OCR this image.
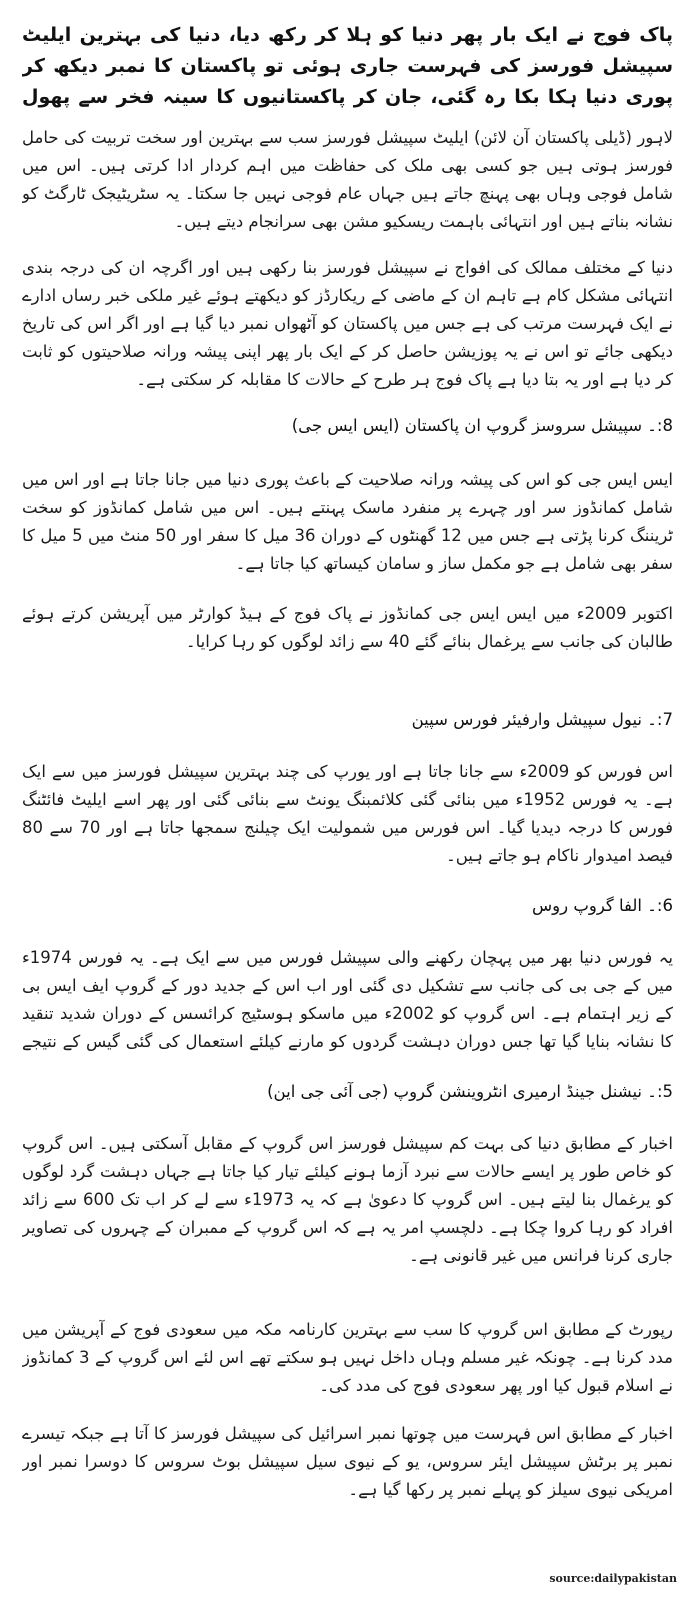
پاک فوج نے ایک بار پھر دنیا کو ہلا کر رکھ دیا، دنیا کی بہترین ایلیٹ سپیشل فورسز کی فہرست جاری ہوئی تو پاکستان کا نمبر دیکھ کر پوری دنیا ہکا بکا رہ گئی، جان کر پاکستانیوں کا سینہ فخر سے پھول

لاہور (ڈیلی پاکستان آن لائن) ایلیٹ سپیشل فورسز سب سے بہترین اور سخت تربیت کی حامل فورسز ہوتی ہیں جو کسی بھی ملک کی حفاظت میں اہم کردار ادا کرتی ہیں۔ اس میں شامل فوجی وہاں بھی پہنچ جاتے ہیں جہاں عام فوجی نہیں جا سکتا۔ یہ سٹریٹیجک ٹارگٹ کو نشانہ بناتے ہیں اور انتہائی باہمت ریسکیو مشن بھی سرانجام دیتے ہیں۔

دنیا کے مختلف ممالک کی افواج نے سپیشل فورسز بنا رکھی ہیں اور اگرچہ ان کی درجہ بندی انتہائی مشکل کام ہے تاہم ان کے ماضی کے ریکارڈز کو دیکھتے ہوئے غیر ملکی خبر رساں ادارے نے ایک فہرست مرتب کی ہے جس میں پاکستان کو آٹھواں نمبر دیا گیا ہے اور اگر اس کی تاریخ دیکھی جائے تو اس نے یہ پوزیشن حاصل کر کے ایک بار پھر اپنی پیشہ ورانہ صلاحیتوں کو ثابت کر دیا ہے اور یہ بتا دیا ہے پاک فوج ہر طرح کے حالات کا مقابلہ کر سکتی ہے۔

8:۔ سپیشل سروسز گروپ ان پاکستان (ایس ایس جی)

ایس ایس جی کو اس کی پیشہ ورانہ صلاحیت کے باعث پوری دنیا میں جانا جاتا ہے اور اس میں شامل کمانڈوز سر اور چہرے پر منفرد ماسک پہنتے ہیں۔ اس میں شامل کمانڈوز کو سخت ٹریننگ کرنا پڑتی ہے جس میں 12 گھنٹوں کے دوران 36 میل کا سفر اور 50 منٹ میں 5 میل کا سفر بھی شامل ہے جو مکمل ساز و سامان کیساتھ کیا جاتا ہے۔

اکتوبر 2009ء میں ایس ایس جی کمانڈوز نے پاک فوج کے ہیڈ کوارٹر میں آپریشن کرتے ہوئے طالبان کی جانب سے یرغمال بنائے گئے 40 سے زائد لوگوں کو رہا کرایا۔

7:۔ نیول سپیشل وارفیئر فورس سپین

اس فورس کو 2009ء سے جانا جاتا ہے اور یورپ کی چند بہترین سپیشل فورسز میں سے ایک ہے۔ یہ فورس 1952ء میں بنائی گئی کلائمبنگ یونٹ سے بنائی گئی اور پھر اسے ایلیٹ فائٹنگ فورس کا درجہ دیدیا گیا۔ اس فورس میں شمولیت ایک چیلنج سمجھا جاتا ہے اور 70 سے 80 فیصد امیدوار ناکام ہو جاتے ہیں۔

6:۔ الفا گروپ روس

یہ فورس دنیا بھر میں پہچان رکھنے والی سپیشل فورس میں سے ایک ہے۔ یہ فورس 1974ء میں کے جی بی کی جانب سے تشکیل دی گئی اور اب اس کے جدید دور کے گروپ ایف ایس بی کے زیر اہتمام ہے۔ اس گروپ کو 2002ء میں ماسکو ہوسٹیج کرائسس کے دوران شدید تنقید کا نشانہ بنایا گیا تھا جس دوران دہشت گردوں کو مارنے کیلئے استعمال کی گئی گیس کے نتیجے

5:۔ نیشنل جینڈ ارمیری انٹروینشن گروپ (جی آئی جی این)

اخبار کے مطابق دنیا کی بہت کم سپیشل فورسز اس گروپ کے مقابل آسکتی ہیں۔ اس گروپ کو خاص طور پر ایسے حالات سے نبرد آزما ہونے کیلئے تیار کیا جاتا ہے جہاں دہشت گرد لوگوں کو یرغمال بنا لیتے ہیں۔ اس گروپ کا دعویٰ ہے کہ یہ 1973ء سے لے کر اب تک 600 سے زائد افراد کو رہا کروا چکا ہے۔ دلچسپ امر یہ ہے کہ اس گروپ کے ممبران کے چہروں کی تصاویر جاری کرنا فرانس میں غیر قانونی ہے۔

رپورٹ کے مطابق اس گروپ کا سب سے بہترین کارنامہ مکہ میں سعودی فوج کے آپریشن میں مدد کرنا ہے۔ چونکہ غیر مسلم وہاں داخل نہیں ہو سکتے تھے اس لئے اس گروپ کے 3 کمانڈوز نے اسلام قبول کیا اور پھر سعودی فوج کی مدد کی۔

اخبار کے مطابق اس فہرست میں چوتھا نمبر اسرائیل کی سپیشل فورسز کا آتا ہے جبکہ تیسرے نمبر پر برٹش سپیشل ایئر سروس، یو کے نیوی سیل سپیشل بوٹ سروس کا دوسرا نمبر اور امریکی نیوی سیلز کو پہلے نمبر پر رکھا گیا ہے۔

source:dailypakistan
